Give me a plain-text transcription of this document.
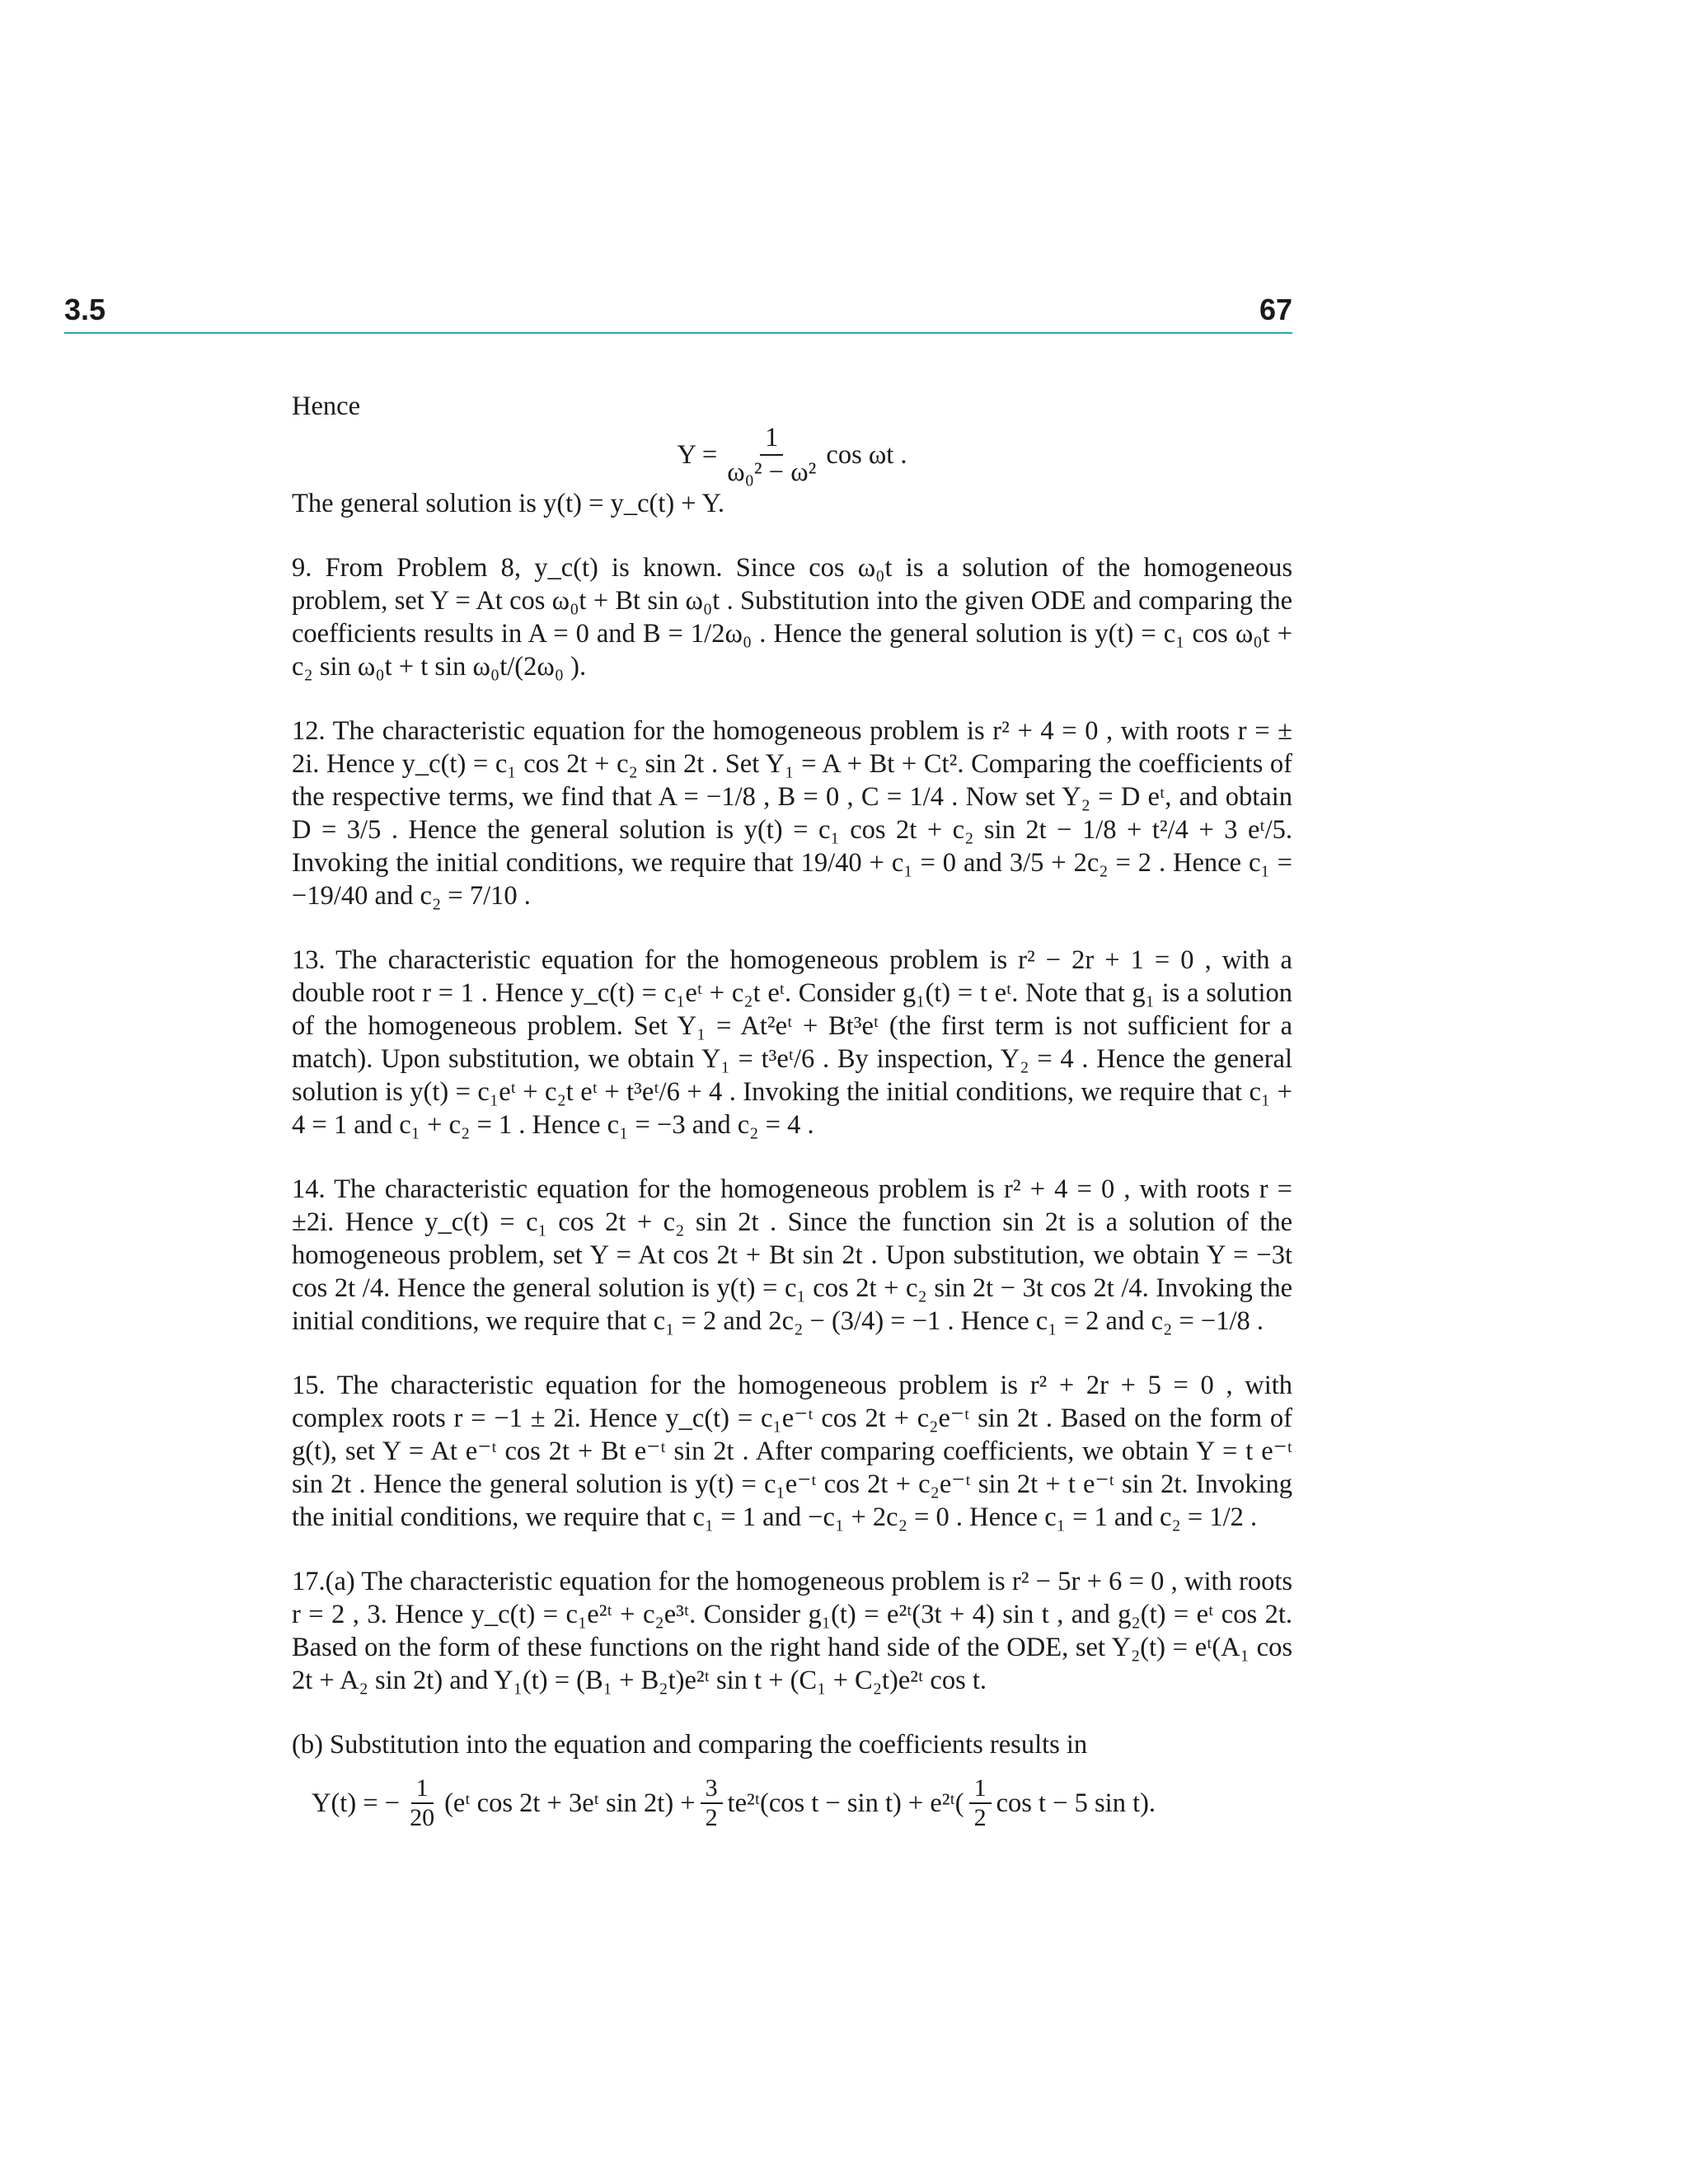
3.5	67

Hence

$Y = \frac{1}{\text{ω₀² − ω²}}$ cos ωt .

The general solution is y(t) = y_c(t) + Y.

9. From Problem 8, y_c(t) is known. Since cos ω₀t is a solution of the homogeneous problem, set Y = At cos ω₀t + Bt sin ω₀t . Substitution into the given ODE and comparing the coefficients results in A = 0 and B = 1/2ω₀ . Hence the general solution is y(t) = c₁ cos ω₀t + c₂ sin ω₀t + t sin ω₀t/(2ω₀ ).

12. The characteristic equation for the homogeneous problem is r² + 4 = 0 , with roots r = ± 2i. Hence y_c(t) = c₁ cos 2t + c₂ sin 2t . Set Y₁ = A + Bt + Ct². Comparing the coefficients of the respective terms, we find that A = −1/8 , B = 0 , C = 1/4 . Now set Y₂ = D eᵗ, and obtain D = 3/5 . Hence the general solution is y(t) = c₁ cos 2t + c₂ sin 2t − 1/8 + t²/4 + 3 eᵗ/5. Invoking the initial conditions, we require that 19/40 + c₁ = 0 and 3/5 + 2c₂ = 2 . Hence c₁ = −19/40 and c₂ = 7/10 .

13. The characteristic equation for the homogeneous problem is r² − 2r + 1 = 0 , with a double root r = 1 . Hence y_c(t) = c₁eᵗ + c₂t eᵗ. Consider g₁(t) = t eᵗ. Note that g₁ is a solution of the homogeneous problem. Set Y₁ = At²eᵗ + Bt³eᵗ (the first term is not sufficient for a match). Upon substitution, we obtain Y₁ = t³eᵗ/6 . By inspection, Y₂ = 4 . Hence the general solution is y(t) = c₁eᵗ + c₂t eᵗ + t³eᵗ/6 + 4 . Invoking the initial conditions, we require that c₁ + 4 = 1 and c₁ + c₂ = 1 . Hence c₁ = −3 and c₂ = 4 .

14. The characteristic equation for the homogeneous problem is r² + 4 = 0 , with roots r = ±2i. Hence y_c(t) = c₁ cos 2t + c₂ sin 2t . Since the function sin 2t is a solution of the homogeneous problem, set Y = At cos 2t + Bt sin 2t . Upon substitution, we obtain Y = −3t cos 2t /4. Hence the general solution is y(t) = c₁ cos 2t + c₂ sin 2t − 3t cos 2t /4. Invoking the initial conditions, we require that c₁ = 2 and 2c₂ − (3/4) = −1 . Hence c₁ = 2 and c₂ = −1/8 .

15. The characteristic equation for the homogeneous problem is r² + 2r + 5 = 0 , with complex roots r = −1 ± 2i. Hence y_c(t) = c₁e⁻ᵗ cos 2t + c₂e⁻ᵗ sin 2t . Based on the form of g(t), set Y = At e⁻ᵗ cos 2t + Bt e⁻ᵗ sin 2t . After comparing coefficients, we obtain Y = t e⁻ᵗ sin 2t . Hence the general solution is y(t) = c₁e⁻ᵗ cos 2t + c₂e⁻ᵗ sin 2t + t e⁻ᵗ sin 2t. Invoking the initial conditions, we require that c₁ = 1 and −c₁ + 2c₂ = 0 . Hence c₁ = 1 and c₂ = 1/2 .

17.(a) The characteristic equation for the homogeneous problem is r² − 5r + 6 = 0 , with roots r = 2 , 3. Hence y_c(t) = c₁e²ᵗ + c₂e³ᵗ. Consider g₁(t) = e²ᵗ(3t + 4) sin t , and g₂(t) = eᵗ cos 2t. Based on the form of these functions on the right hand side of the ODE, set Y₂(t) = eᵗ(A₁ cos 2t + A₂ sin 2t) and Y₁(t) = (B₁ + B₂t)e²ᵗ sin t + (C₁ + C₂t)e²ᵗ cos t.

(b) Substitution into the equation and comparing the coefficients results in

Y(t) = − $\frac{1}{20}$ (eᵗ cos 2t + 3eᵗ $\sin 2t) + \frac{3}{2}$ te²ᵗ(cos t − sin t) + e²ᵗ( $\frac{1}{2}$ cos t − 5 sin t).
